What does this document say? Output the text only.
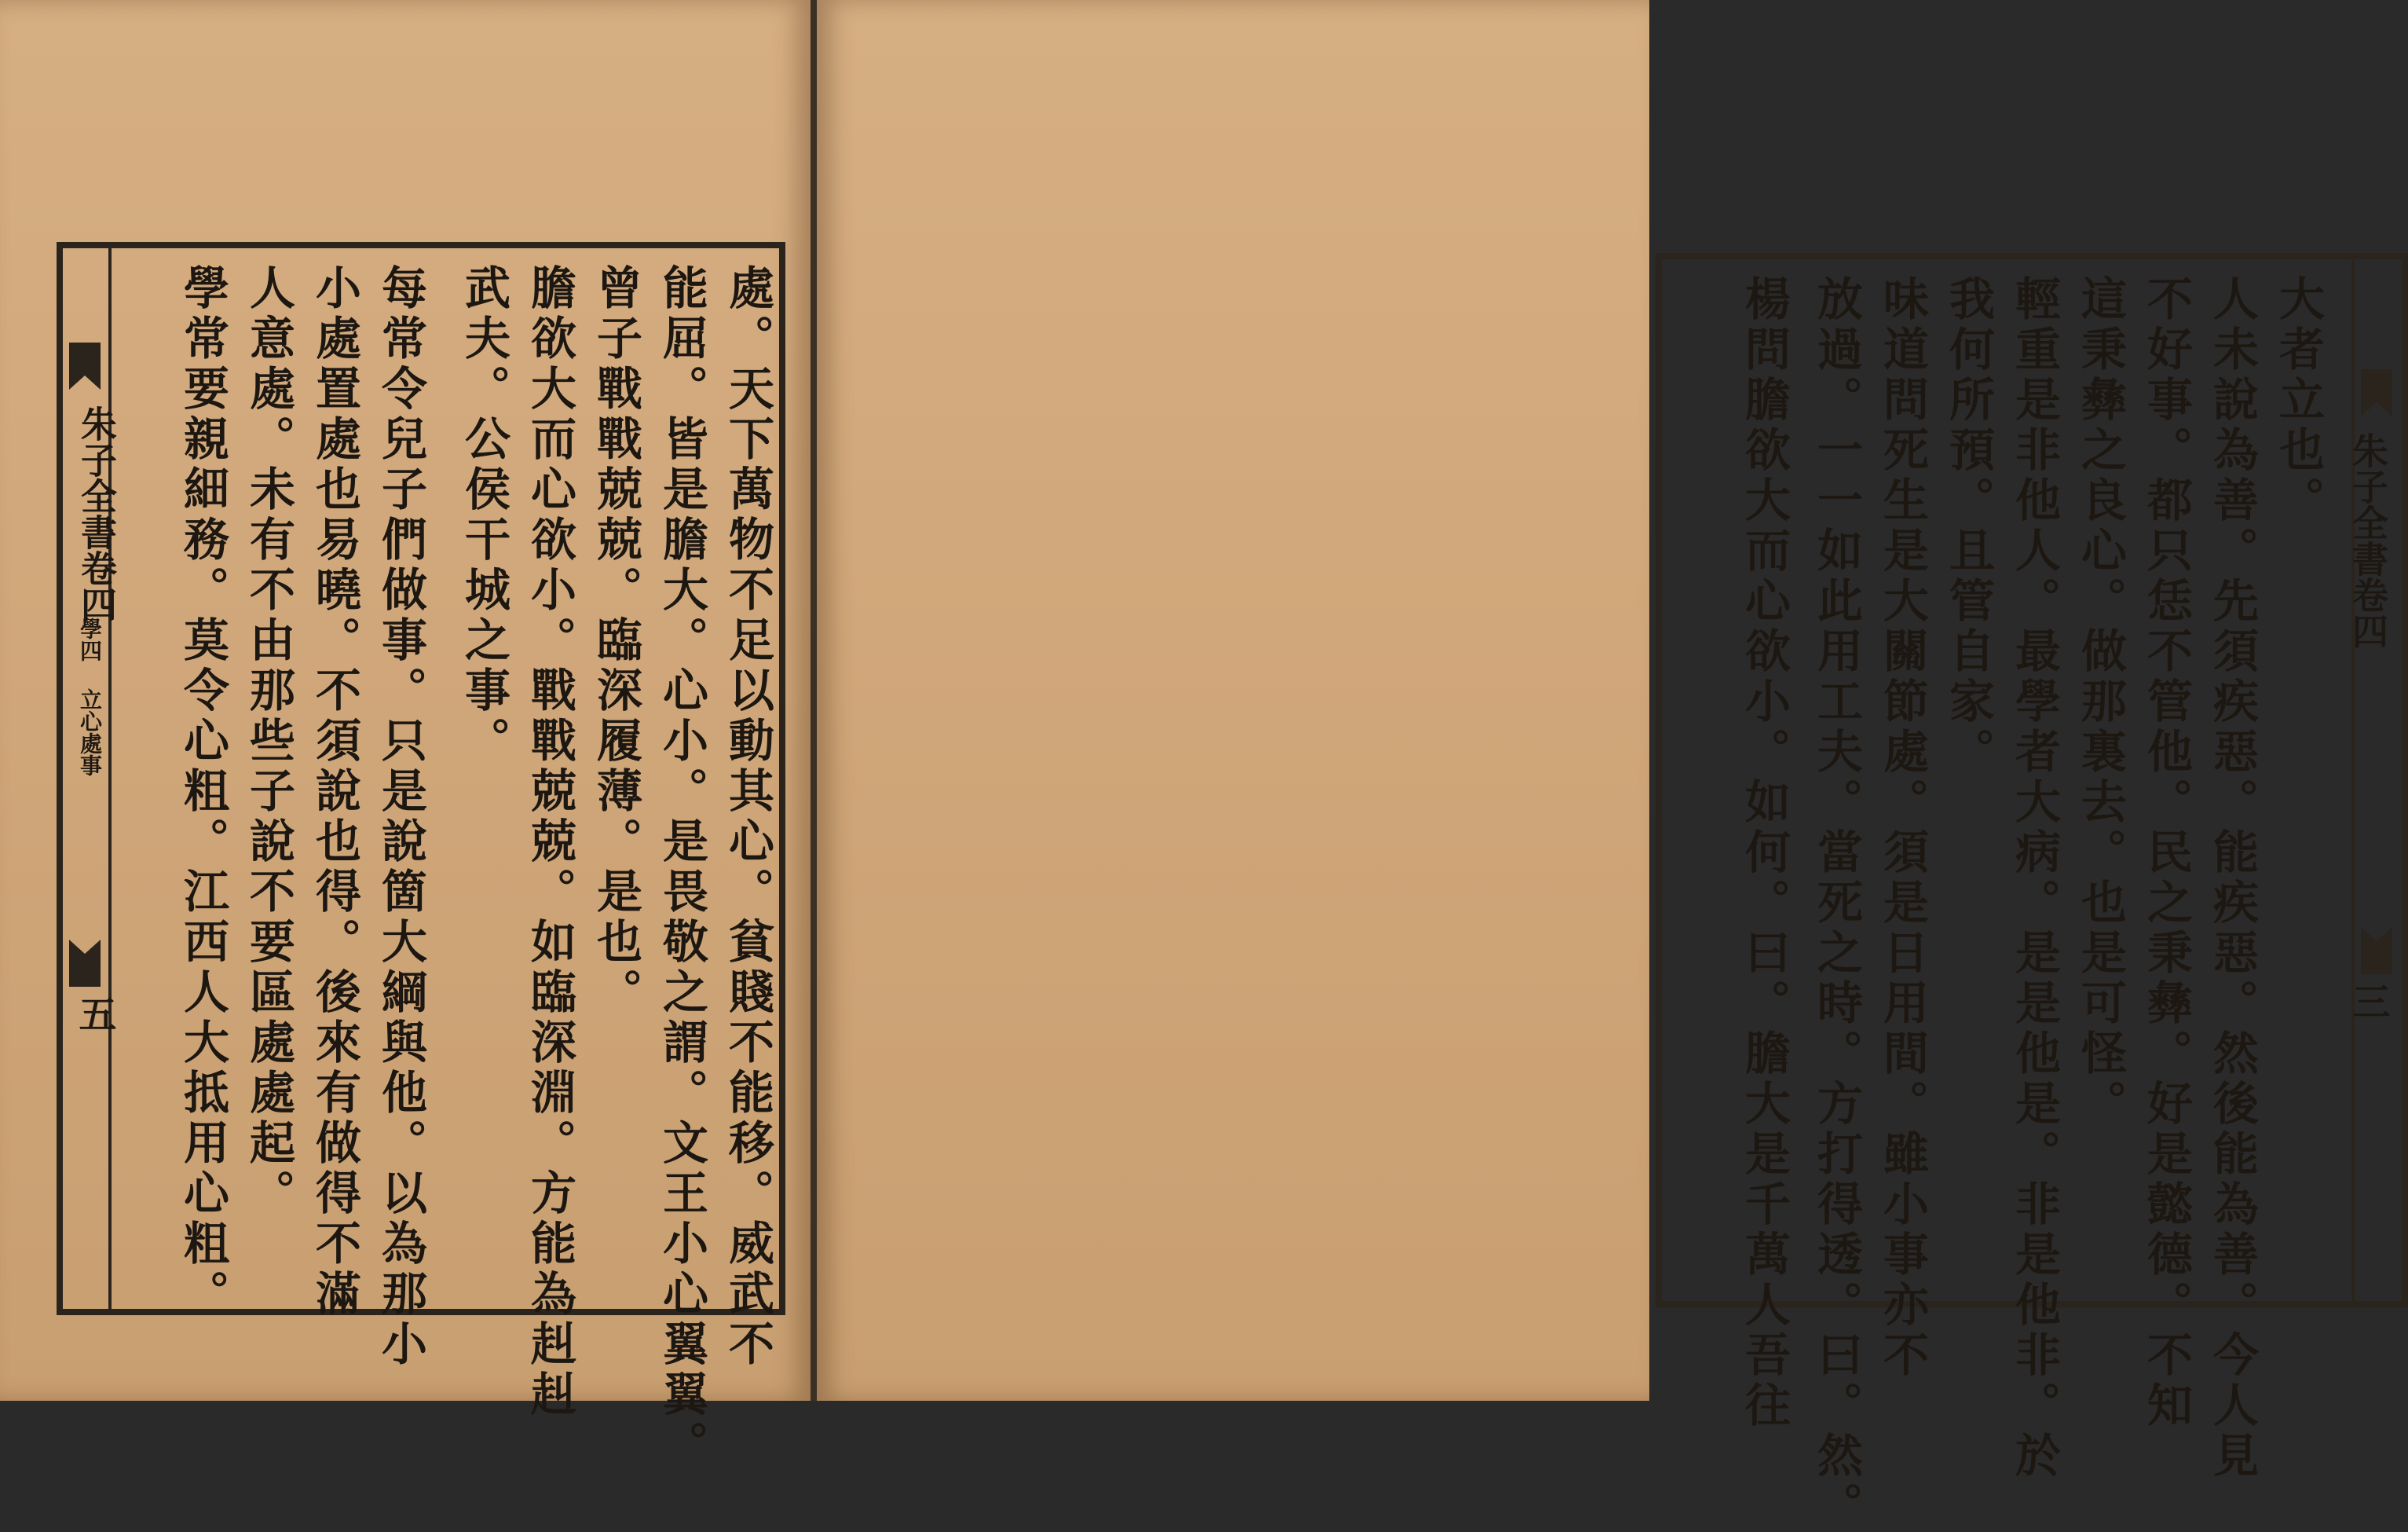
朱子全書卷四
學四
立心處事
五	處。天下萬物不足以動其心。貧賤不能移。威武不
能屈。皆是膽大。心小。是畏敬之謂。文王小心翼翼。
曾子戰戰兢兢。臨深履薄。是也。
膽欲大而心欲小。戰戰兢兢。如臨深淵。方能為赳赳
武夫。公侯干城之事。
每常令兒子們做事。只是說箇大綱與他。以為那小
小處置處也易曉。不須說也得。後來有做得不滿
人意處。未有不由那些子說不要區處處起。
學常要親細務。莫令心粗。江西人大抵用心粗。	大者立也。
人未說為善。先須疾惡。能疾惡。然後能為善。今人見
不好事。都只恁不管他。民之秉彝。好是懿德。不知
這秉彝之良心。做那裏去。也是可怪。
輕重是非他人。最學者大病。是是他是。非是他非。於
我何所預。且管自家。
味道問死生是大關節處。須是日用間。雖小事亦不
放過。一一如此用工夫。當死之時。方打得透。曰。然。
楊問膽欲大而心欲小。如何。曰。膽大是千萬人吾往	朱子全書卷四
三
